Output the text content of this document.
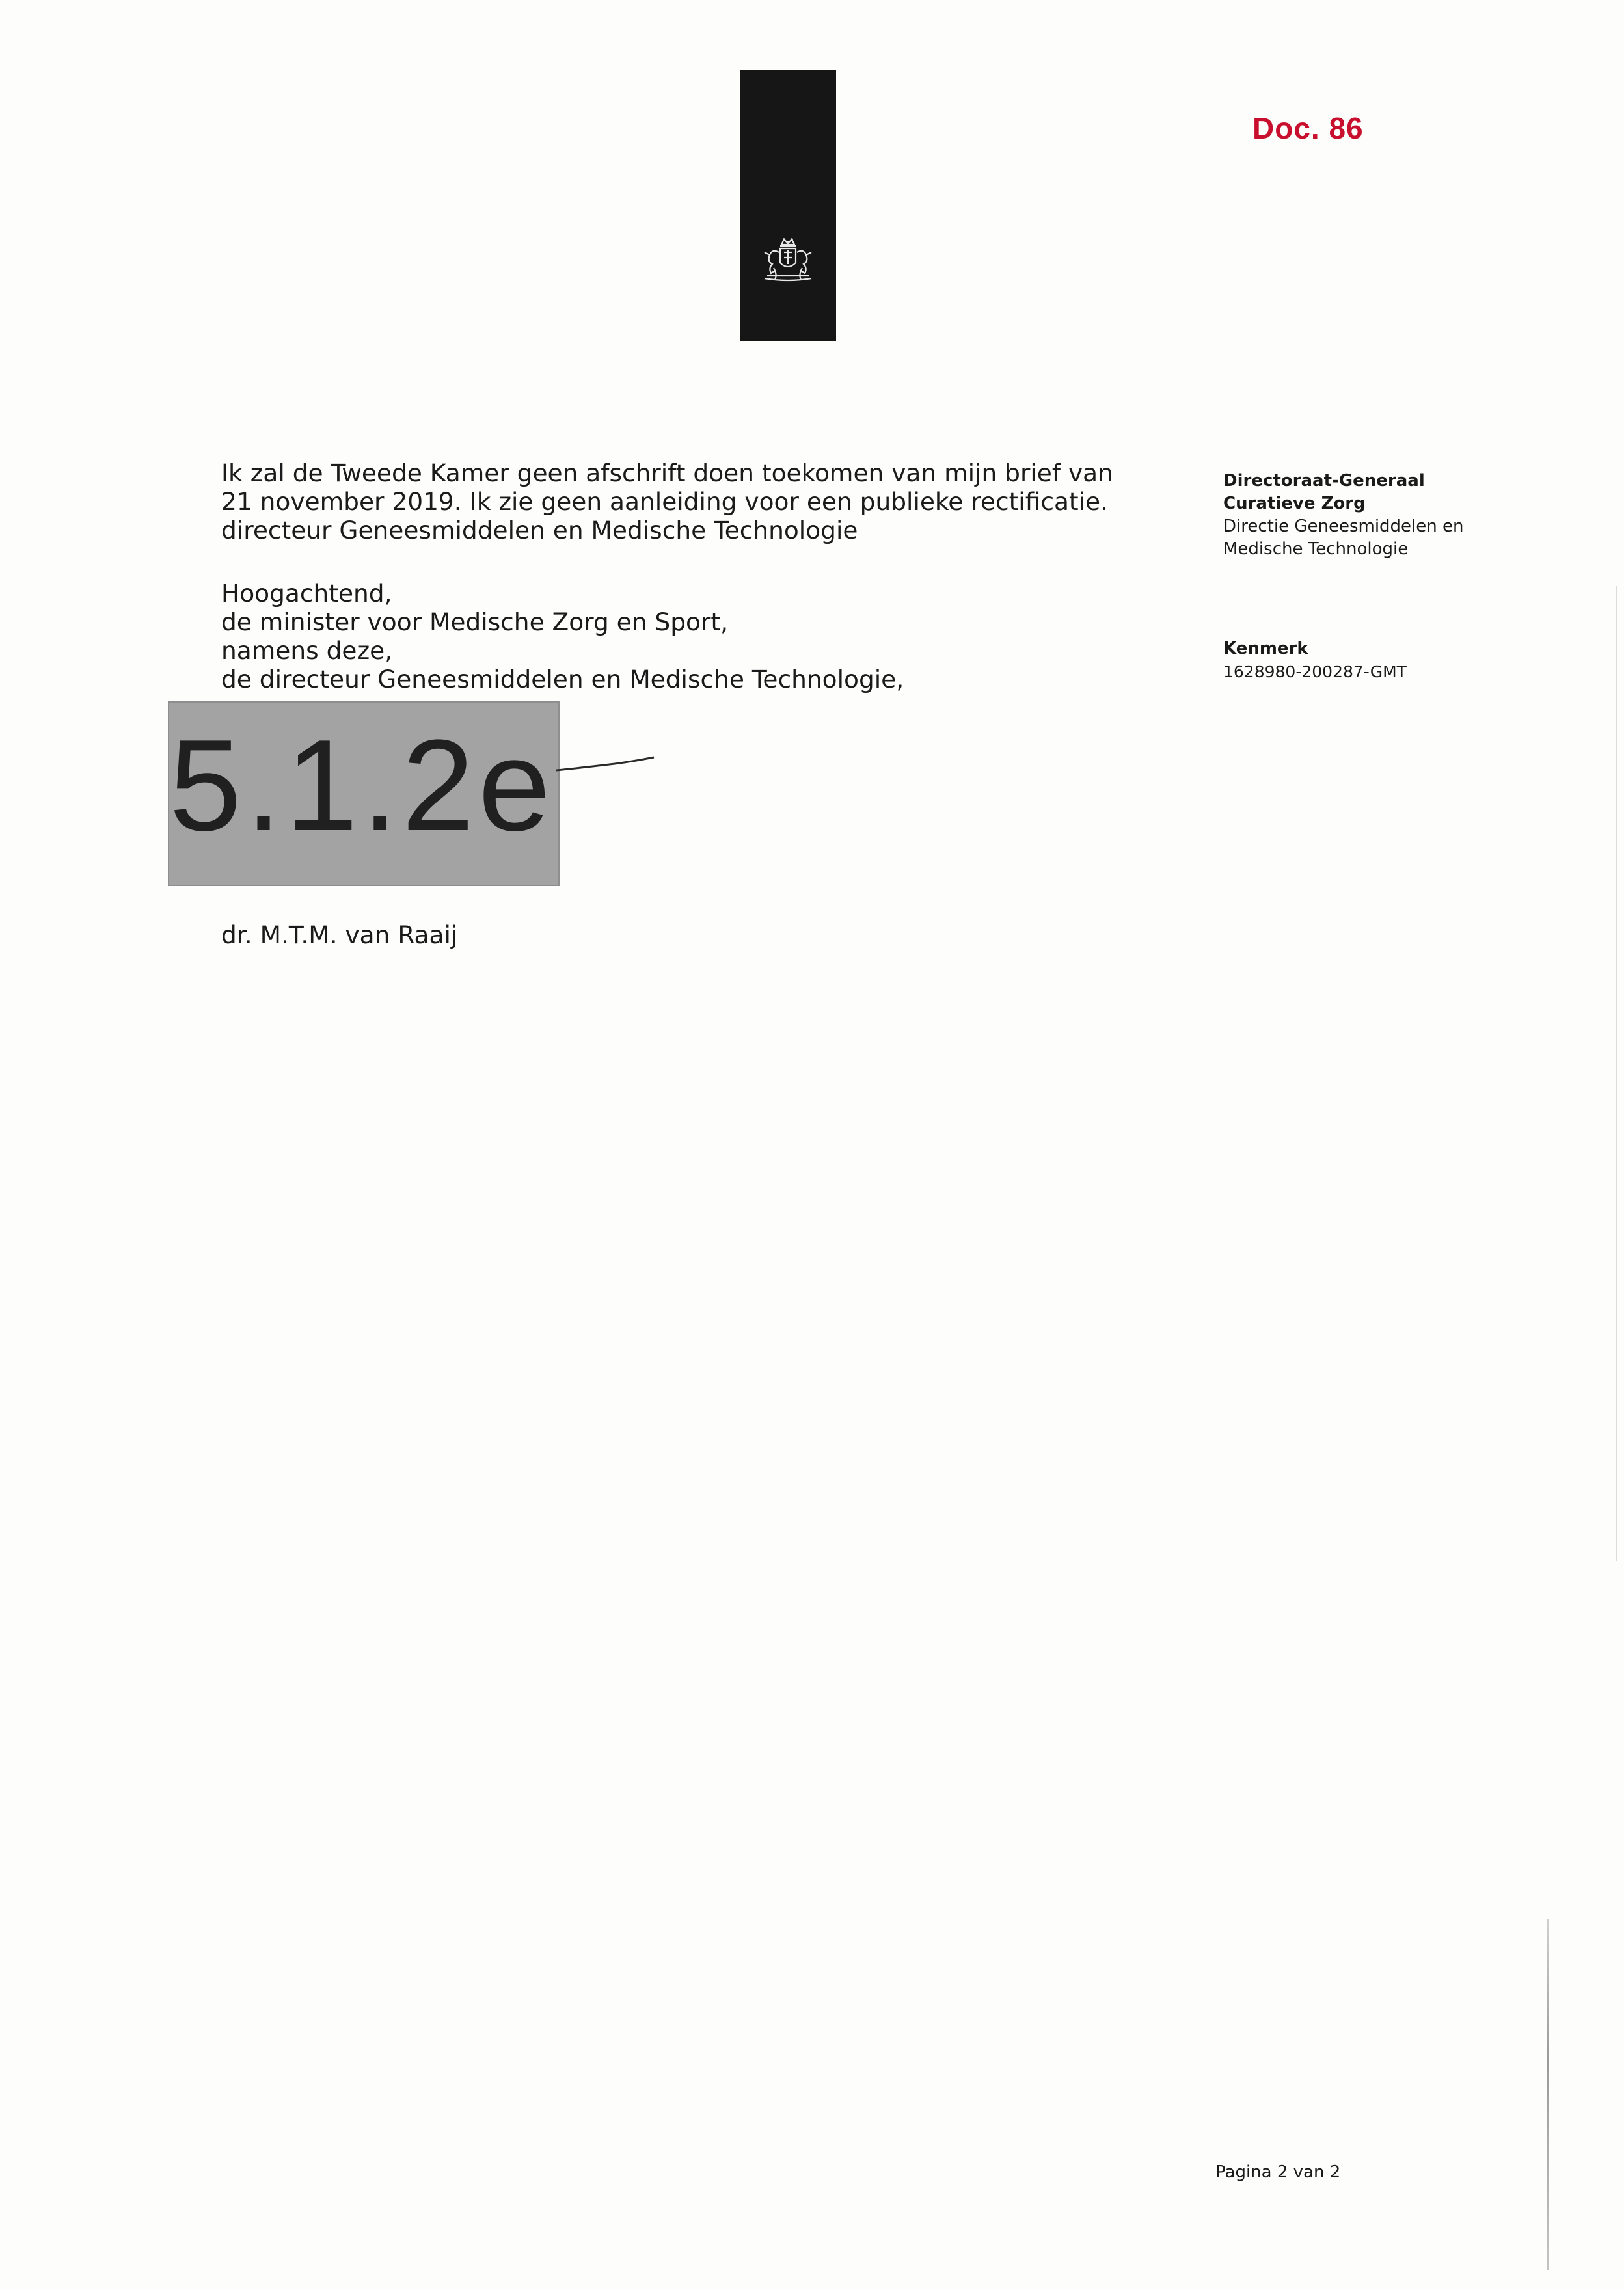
Doc. 86

Ik zal de Tweede Kamer geen afschrift doen toekomen van mijn brief van

21 november 2019. Ik zie geen aanleiding voor een publieke rectificatie.

directeur Geneesmiddelen en Medische Technologie

Hoogachtend,

de minister voor Medische Zorg en Sport,

namens deze,

de directeur Geneesmiddelen en Medische Technologie,

5.1.2e
dr. M.T.M. van Raaij

Directoraat-Generaal

Curatieve Zorg

Directie Geneesmiddelen en

Medische Technologie

Kenmerk

1628980-200287-GMT

Pagina 2 van 2
